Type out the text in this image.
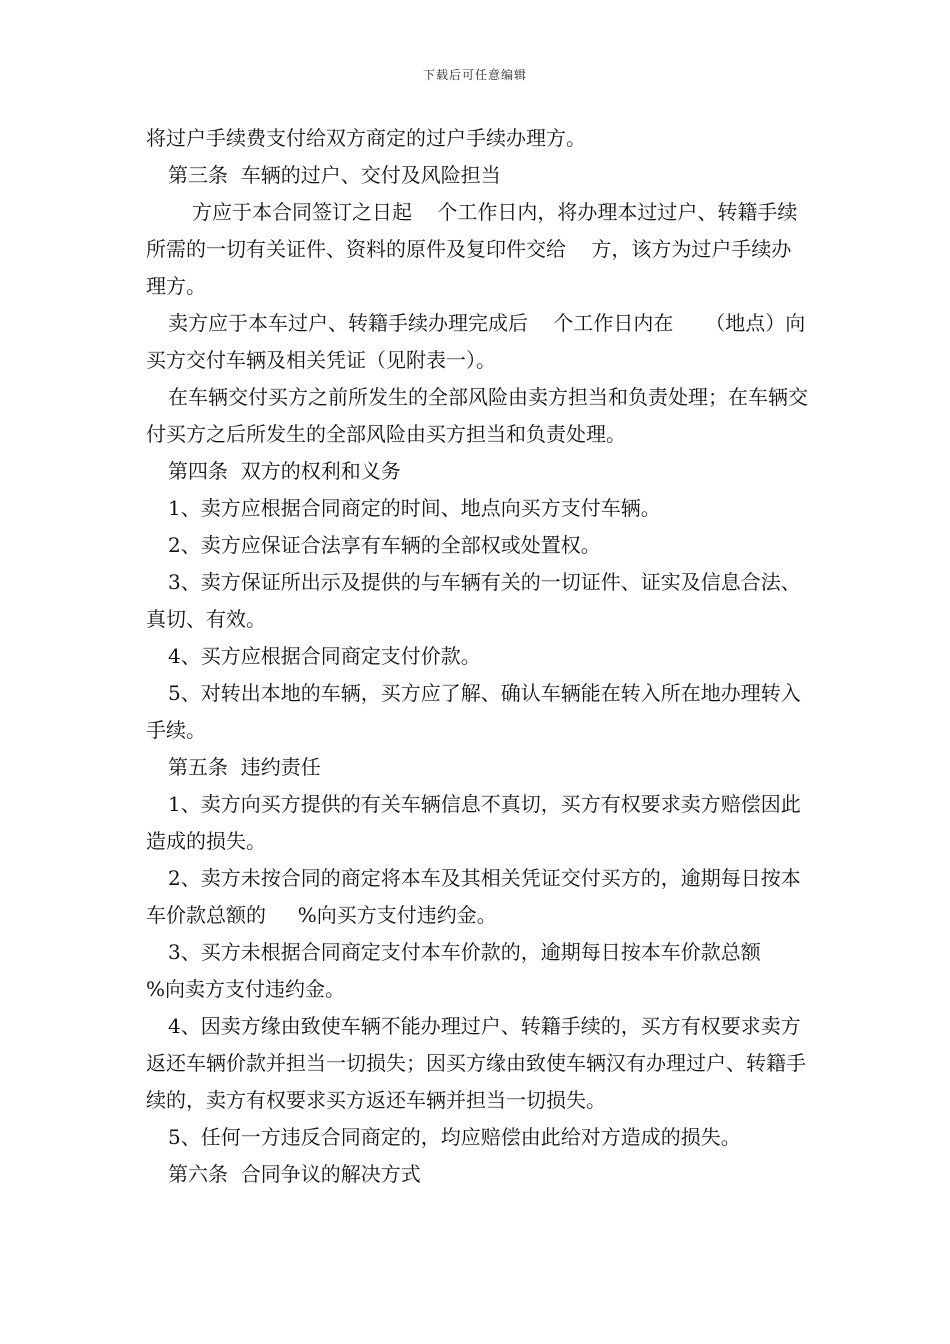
下载后可任意编辑

将过户手续费支付给双方商定的过户手续办理方。

第三条  车辆的过户、交付及风险担当

方应于本合同签订之日起    个工作日内，将办理本过过户、转籍手续所需的一切有关证件、资料的原件及复印件交给    方，该方为过户手续办理方。

卖方应于本车过户、转籍手续办理完成后    个工作日内在     （地点）向买方交付车辆及相关凭证（见附表一）。

在车辆交付买方之前所发生的全部风险由卖方担当和负责处理；在车辆交付买方之后所发生的全部风险由买方担当和负责处理。

第四条  双方的权利和义务

1、卖方应根据合同商定的时间、地点向买方支付车辆。

2、卖方应保证合法享有车辆的全部权或处置权。

3、卖方保证所出示及提供的与车辆有关的一切证件、证实及信息合法、真切、有效。

4、买方应根据合同商定支付价款。

5、对转出本地的车辆，买方应了解、确认车辆能在转入所在地办理转入手续。

第五条  违约责任

1、卖方向买方提供的有关车辆信息不真切，买方有权要求卖方赔偿因此造成的损失。

2、卖方未按合同的商定将本车及其相关凭证交付买方的，逾期每日按本车价款总额的     %向买方支付违约金。

3、买方未根据合同商定支付本车价款的，逾期每日按本车价款总额       %向卖方支付违约金。

4、因卖方缘由致使车辆不能办理过户、转籍手续的，买方有权要求卖方返还车辆价款并担当一切损失；因买方缘由致使车辆汉有办理过户、转籍手续的，卖方有权要求买方返还车辆并担当一切损失。

5、任何一方违反合同商定的，均应赔偿由此给对方造成的损失。

第六条  合同争议的解决方式
